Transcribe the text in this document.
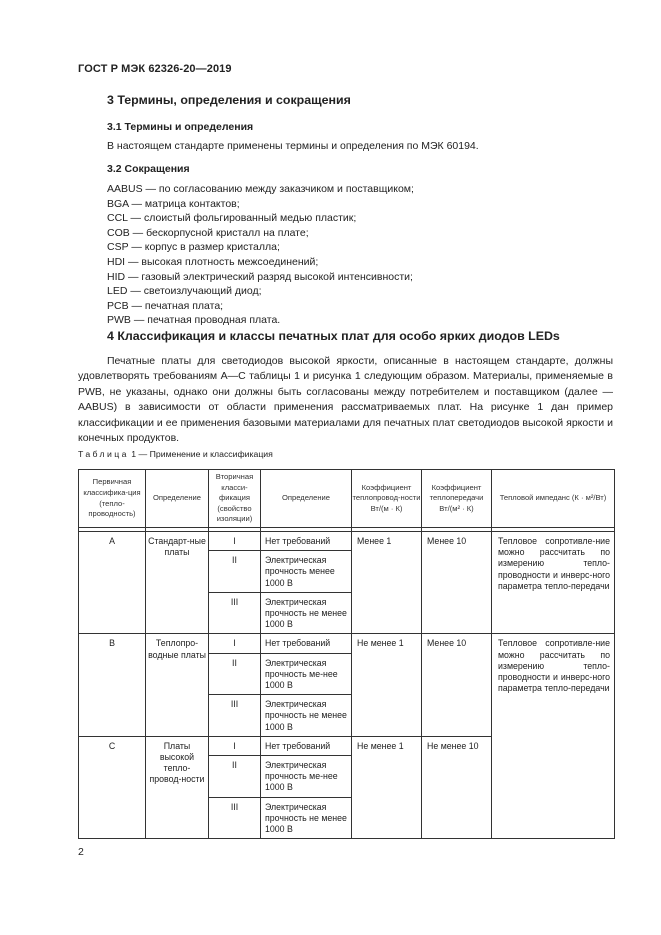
ГОСТ Р МЭК 62326-20—2019
3 Термины, определения и сокращения
3.1 Термины и определения
В настоящем стандарте применены термины и определения по МЭК 60194.
3.2 Сокращения
AABUS — по согласованию между заказчиком и поставщиком;
BGA — матрица контактов;
CCL — слоистый фольгированный медью пластик;
COB — бескорпусной кристалл на плате;
CSP — корпус в размер кристалла;
HDI — высокая плотность межсоединений;
HID — газовый электрический разряд высокой интенсивности;
LED — светоизлучающий диод;
PCB — печатная плата;
PWB — печатная проводная плата.
4 Классификация и классы печатных плат для особо ярких диодов LEDs

Печатные платы для светодиодов высокой яркости, описанные в настоящем стандарте, должны удовлетворять требованиям А—С таблицы 1 и рисунка 1 следующим образом. Материалы, применяемые в PWB, не указаны, однако они должны быть согласованы между потребителем и поставщиком (далее — AABUS) в зависимости от области применения рассматриваемых плат. На рисунке 1 дан пример классификации и ее применения базовыми материалами для печатных плат светодиодов высокой яркости и конечных продуктов.

Таблица 1 — Применение и классификация
Первичная классифика-ция (тепло-проводность)	Определение	Вторичная класси-фикация (свойство изоляции)	Определение	Коэффициент теплопровод-ности Вт/(м · К)	Коэффициент теплопередачи Вт/(м² · К)	Тепловой импеданс (К · м²/Вт)

A	Стандарт-ные платы	I	Нет требований	Менее 1	Менее 10	Тепловое сопротивле-ние можно рассчитать по измерению тепло-проводности и инверс-ного параметра тепло-передачи
		II	Электрическая прочность менее 1000 В			
		III	Электрическая прочность не менее 1000 В			
B	Теплопро-водные платы	I	Нет требований	Не менее 1	Менее 10	Тепловое сопротивле-ние можно рассчитать по измерению тепло-проводности и инверс-ного параметра тепло-передачи
		II	Электрическая прочность ме-нее 1000 В			
		III	Электрическая прочность не менее 1000 В			
C	Платы высокой тепло-провод-ности	I	Нет требований	Не менее 1	Не менее 10	
		II	Электрическая прочность ме-нее 1000 В			
		III	Электрическая прочность не менее 1000 В			
2
